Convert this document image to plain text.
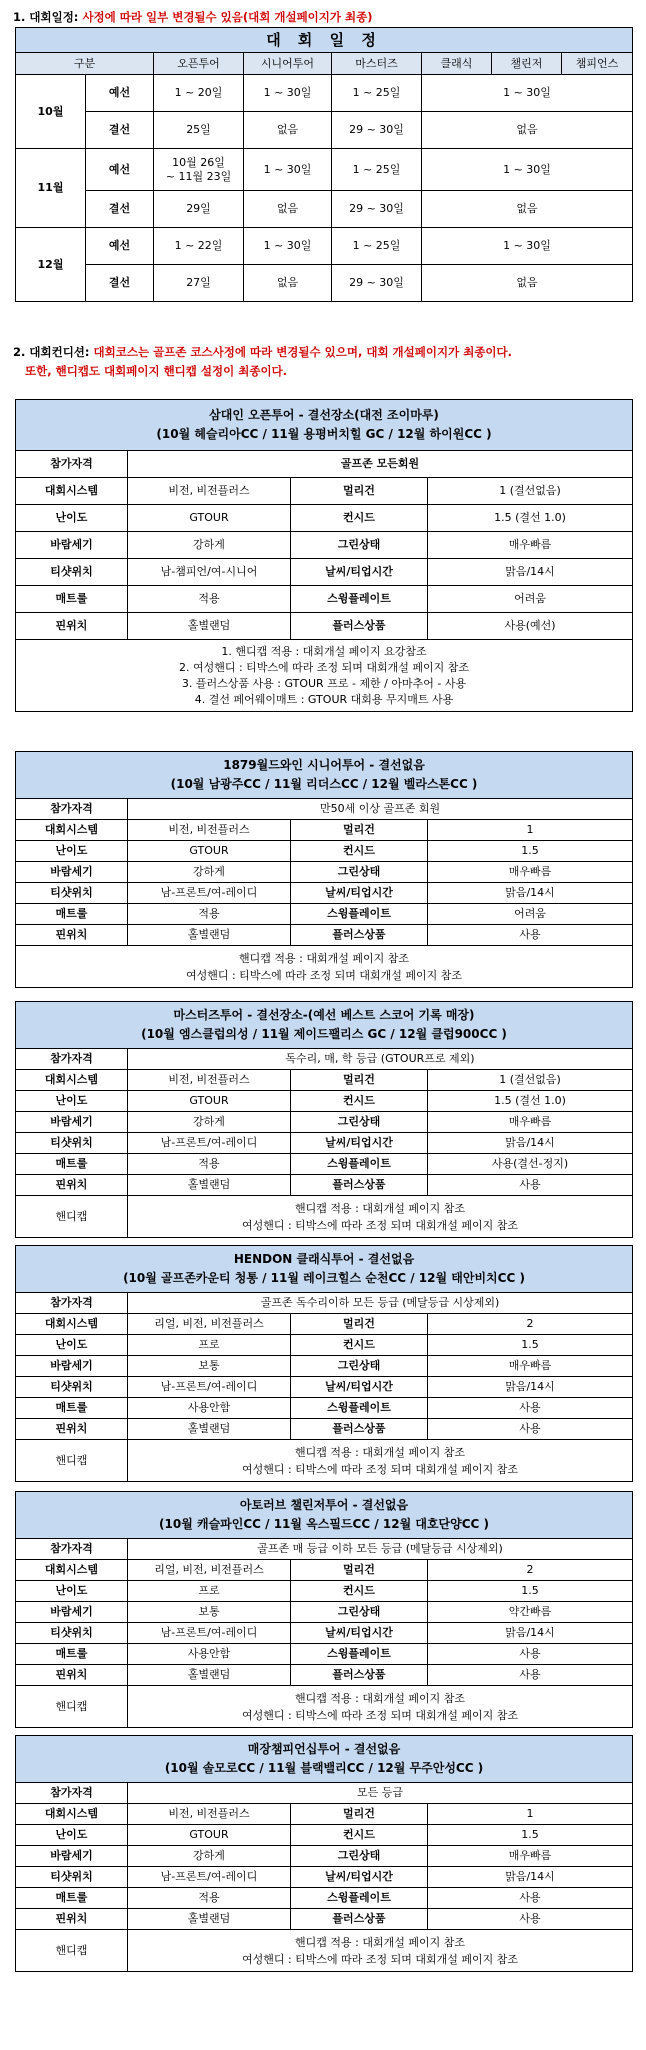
1. 대회일정: 사정에 따라 일부 변경될수 있음(대회 개설페이지가 최종)
대 회 일 정							
구분		오픈투어	시니어투어	마스터즈	클래식	챌린저	챔피언스
10월	예선	1 ~ 20일	1 ~ 30일	1 ~ 25일	1 ~ 30일		
	결선	25일	없음	29 ~ 30일	없음		
11월	예선	10월 26일
~ 11월 23일	1 ~ 30일	1 ~ 25일	1 ~ 30일		
	결선	29일	없음	29 ~ 30일	없음		
12월	예선	1 ~ 22일	1 ~ 30일	1 ~ 25일	1 ~ 30일		
	결선	27일	없음	29 ~ 30일	없음		
2. 대회컨디션: 대회코스는 골프존 코스사정에 따라 변경될수 있으며, 대회 개설페이지가 최종이다.
또한, 핸디캡도 대회페이지 핸디캡 설정이 최종이다.
삼대인 오픈투어 - 결선장소(대전 조이마루)
(10월 헤슬리아CC / 11월 용평버치힐 GC / 12월 하이원CC )			

참가자격	골프존 모든회원		
대회시스템	비전, 비전플러스	멀리건	1 (결선없음)
난이도	GTOUR	컨시드	1.5 (결선 1.0)
바람세기	강하게	그린상태	매우빠름
티샷위치	남-챔피언/여-시니어	날씨/티업시간	맑음/14시
매트룰	적용	스윙플레이트	어려움
핀위치	홀별랜덤	플러스상품	사용(예선)

1. 핸디캡 적용 : 대회개설 페이지 요강참조
2. 여성핸디 : 티박스에 따라 조정 되며 대회개설 페이지 참조
3. 플러스상품 사용 : GTOUR 프로 - 제한 / 아마추어 - 사용
4. 결선 페어웨이매트 : GTOUR 대회용 무지매트 사용			
1879월드와인 시니어투어 - 결선없음
(10월 남광주CC / 11월 리더스CC / 12월 벨라스톤CC )			

참가자격	만50세 이상 골프존 회원		
대회시스템	비전, 비전플러스	멀리건	1
난이도	GTOUR	컨시드	1.5
바람세기	강하게	그린상태	매우빠름
티샷위치	남-프론트/여-레이디	날씨/티업시간	맑음/14시
매트룰	적용	스윙플레이트	어려움
핀위치	홀별랜덤	플러스상품	사용

핸디캡 적용 : 대회개설 페이지 참조
여성핸디 : 티박스에 따라 조정 되며 대회개설 페이지 참조			
마스터즈투어 - 결선장소-(예선 베스트 스코어 기록 매장)
(10월 엠스클럽의성 / 11월 제이드팰리스 GC / 12월 클럽900CC )			

참가자격	독수리, 매, 학 등급 (GTOUR프로 제외)		
대회시스템	비전, 비전플러스	멀리건	1 (결선없음)
난이도	GTOUR	컨시드	1.5 (결선 1.0)
바람세기	강하게	그린상태	매우빠름
티샷위치	남-프론트/여-레이디	날씨/티업시간	맑음/14시
매트룰	적용	스윙플레이트	사용(결선-정지)
핀위치	홀별랜덤	플러스상품	사용
핸디캡	핸디캡 적용 : 대회개설 페이지 참조
여성핸디 : 티박스에 따라 조정 되며 대회개설 페이지 참조		
HENDON 클래식투어 - 결선없음
(10월 골프존카운티 청통 / 11월 레이크힐스 순천CC / 12월 태안비치CC )			

참가자격	골프존 독수리이하 모든 등급 (메달등급 시상제외)		
대회시스템	리얼, 비전, 비전플러스	멀리건	2
난이도	프로	컨시드	1.5
바람세기	보통	그린상태	매우빠름
티샷위치	남-프론트/여-레이디	날씨/티업시간	맑음/14시
매트룰	사용안함	스윙플레이트	사용
핀위치	홀별랜덤	플러스상품	사용
핸디캡	핸디캡 적용 : 대회개설 페이지 참조
여성핸디 : 티박스에 따라 조정 되며 대회개설 페이지 참조		
아토러브 챌린저투어 - 결선없음
(10월 캐슬파인CC / 11월 옥스필드CC / 12월 대호단양CC )			

참가자격	골프존 매 등급 이하 모든 등급 (메달등급 시상제외)		
대회시스템	리얼, 비전, 비전플러스	멀리건	2
난이도	프로	컨시드	1.5
바람세기	보통	그린상태	약간빠름
티샷위치	남-프론트/여-레이디	날씨/티업시간	맑음/14시
매트룰	사용안함	스윙플레이트	사용
핀위치	홀별랜덤	플러스상품	사용
핸디캡	핸디캡 적용 : 대회개설 페이지 참조
여성핸디 : 티박스에 따라 조정 되며 대회개설 페이지 참조		
매장챔피언십투어 - 결선없음
(10월 솔모로CC / 11월 블랙밸리CC / 12월 무주안성CC )			

참가자격	모든 등급		
대회시스템	비전, 비전플러스	멀리건	1
난이도	GTOUR	컨시드	1.5
바람세기	강하게	그린상태	매우빠름
티샷위치	남-프론트/여-레이디	날씨/티업시간	맑음/14시
매트룰	적용	스윙플레이트	사용
핀위치	홀별랜덤	플러스상품	사용
핸디캡	핸디캡 적용 : 대회개설 페이지 참조
여성핸디 : 티박스에 따라 조정 되며 대회개설 페이지 참조		
